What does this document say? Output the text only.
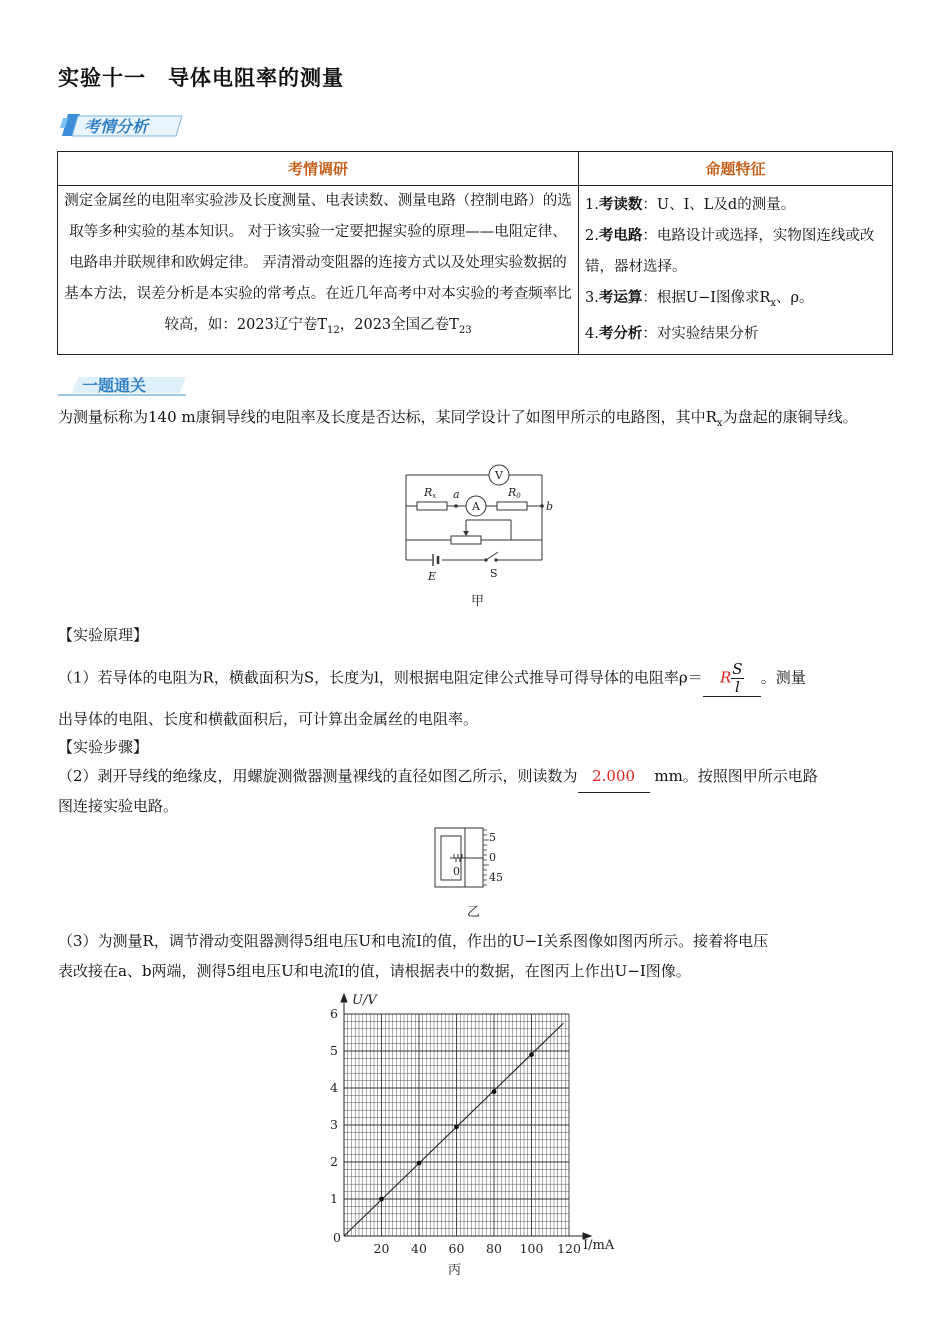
实验十一　导体电阻率的测量
考情分析
考情调研	命题特征
测定金属丝的电阻率实验涉及长度测量、电表读数、测量电路（控制电路）的选取等多种实验的基本知识。 对于该实验一定要把握实验的原理——电阻定律、电路串并联规律和欧姆定律。 弄清滑动变阻器的连接方式以及处理实验数据的基本方法，误差分析是本实验的常考点。在近几年高考中对本实验的考查频率比较高，如：2023辽宁卷$T_{12}$，2023全国乙卷$T_{23}$	1.考读数：U、I、L及d的测量。
2.考电路：电路设计或选择，实物图连线或改错，器材选择。
3.考运算：根据U−I图像求$R_x$、ρ。
4.考分析：对实验结果分析
一题通关
为测量标称为140 m康铜导线的电阻率及长度是否达标，某同学设计了如图甲所示的电路图，其中$R_x$为盘起的康铜导线。
V
A
Rx	R0
a
b
E	S
甲
【实验原理】
（1）若导体的电阻为R，横截面积为S，长度为l，则根据电阻定律公式推导可得导体的电阻率ρ＝ R $\frac{S}{l}$ 。测量
出导体的电阻、长度和横截面积后，可计算出金属丝的电阻率。
【实验步骤】
（2）剥开导线的绝缘皮，用螺旋测微器测量裸线的直径如图乙所示，则读数为 2.000 mm。按照图甲所示电路
图连接实验电路。
5
0
45
0
乙
（3）为测量R，调节滑动变阻器测得5组电压U和电流I的值，作出的U−I关系图像如图丙所示。接着将电压
表改接在a、b两端，测得5组电压U和电流I的值，请根据表中的数据，在图丙上作出U−I图像。
20 40 60 80 100 120
1
2
3
4
5
6
U/V
I/mA
0
丙
